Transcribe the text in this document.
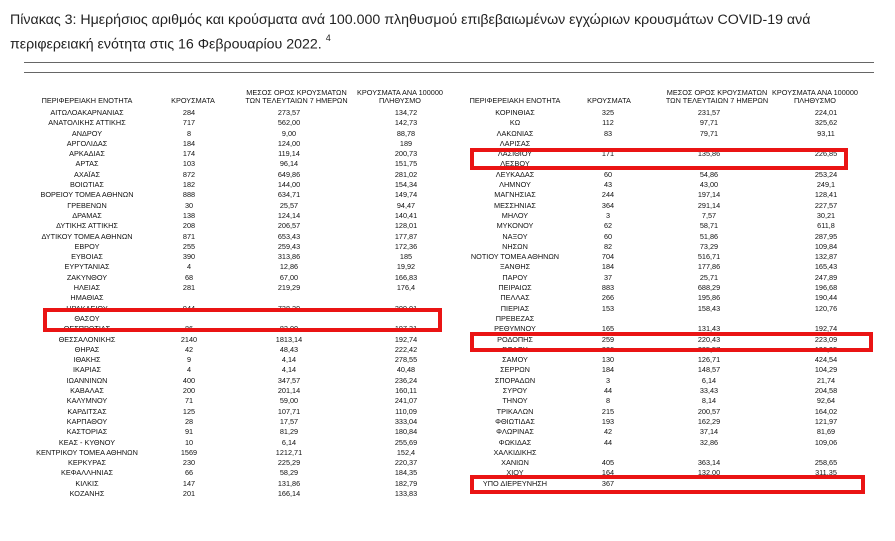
Πίνακας 3: Ημερήσιος αριθμός και κρούσματα ανά 100.000 πληθυσμού επιβεβαιωμένων εγχώριων κρουσμάτων COVID-19 ανά περιφερειακή ενότητα στις 16 Φεβρουαρίου 2022. $^4$
ΠΕΡΙΦΕΡΕΙΑΚΗ ΕΝΟΤΗΤΑ	ΚΡΟΥΣΜΑΤΑ
ΜΕΣΟΣ ΟΡΟΣ ΚΡΟΥΣΜΑΤΩΝ ΤΩΝ ΤΕΛΕΥΤΑΙΩΝ 7 ΗΜΕΡΩΝ
ΚΡΟΥΣΜΑΤΑ ΑΝΑ 100000 ΠΛΗΘΥΣΜΟ	ΠΕΡΙΦΕΡΕΙΑΚΗ ΕΝΟΤΗΤΑ	ΚΡΟΥΣΜΑΤΑ
ΜΕΣΟΣ ΟΡΟΣ ΚΡΟΥΣΜΑΤΩΝ ΤΩΝ ΤΕΛΕΥΤΑΙΩΝ 7 ΗΜΕΡΩΝ
ΚΡΟΥΣΜΑΤΑ ΑΝΑ 100000 ΠΛΗΘΥΣΜΟ
ΑΙΤΩΛΟΑΚΑΡΝΑΝΙΑΣ	284	273,57	134,72
ΑΝΑΤΟΛΙΚΗΣ ΑΤΤΙΚΗΣ	717	562,00	142,73
ΑΝΔΡΟΥ	8	9,00	88,78
ΑΡΓΟΛΙΔΑΣ	184	124,00	189
ΑΡΚΑΔΙΑΣ	174	119,14	200,73
ΑΡΤΑΣ	103	96,14	151,75
ΑΧΑΪΑΣ	872	649,86	281,02
ΒΟΙΩΤΙΑΣ	182	144,00	154,34
ΒΟΡΕΙΟΥ ΤΟΜΕΑ ΑΘΗΝΩΝ	888	634,71	149,74
ΓΡΕΒΕΝΩΝ	30	25,57	94,47
ΔΡΑΜΑΣ	138	124,14	140,41
ΔΥΤΙΚΗΣ ΑΤΤΙΚΗΣ	208	206,57	128,01
ΔΥΤΙΚΟΥ ΤΟΜΕΑ ΑΘΗΝΩΝ	871	653,43	177,87
ΕΒΡΟΥ	255	259,43	172,36
ΕΥΒΟΙΑΣ	390	313,86	185
ΕΥΡΥΤΑΝΙΑΣ	4	12,86	19,92
ΖΑΚΥΝΘΟΥ	68	67,00	166,83
ΗΛΕΙΑΣ	281	219,29	176,4
ΗΜΑΘΙΑΣ			
ΗΡΑΚΛΕΙΟΥ	944	738,29	309,01
ΘΑΣΟΥ			
ΘΕΣΠΡΩΤΙΑΣ	86	82,00	197,31
ΘΕΣΣΑΛΟΝΙΚΗΣ	2140	1813,14	192,74
ΘΗΡΑΣ	42	48,43	222,42
ΙΘΑΚΗΣ	9	4,14	278,55
ΙΚΑΡΙΑΣ	4	4,14	40,48
ΙΩΑΝΝΙΝΩΝ	400	347,57	236,24
ΚΑΒΑΛΑΣ	200	201,14	160,11
ΚΑΛΥΜΝΟΥ	71	59,00	241,07
ΚΑΡΔΙΤΣΑΣ	125	107,71	110,09
ΚΑΡΠΑΘΟΥ	28	17,57	333,04
ΚΑΣΤΟΡΙΑΣ	91	81,29	180,84
ΚΕΑΣ - ΚΥΘΝΟΥ	10	6,14	255,69
ΚΕΝΤΡΙΚΟΥ ΤΟΜΕΑ ΑΘΗΝΩΝ	1569	1212,71	152,4
ΚΕΡΚΥΡΑΣ	230	225,29	220,37
ΚΕΦΑΛΛΗΝΙΑΣ	66	58,29	184,35
ΚΙΛΚΙΣ	147	131,86	182,79
ΚΟΖΑΝΗΣ	201	166,14	133,83
ΚΟΡΙΝΘΙΑΣ	325	231,57	224,01
ΚΩ	112	97,71	325,62
ΛΑΚΩΝΙΑΣ	83	79,71	93,11
ΛΑΡΙΣΑΣ			
ΛΑΣΙΘΙΟΥ	171	135,86	226,85
ΛΕΣΒΟΥ			
ΛΕΥΚΑΔΑΣ	60	54,86	253,24
ΛΗΜΝΟΥ	43	43,00	249,1
ΜΑΓΝΗΣΙΑΣ	244	197,14	128,41
ΜΕΣΣΗΝΙΑΣ	364	291,14	227,57
ΜΗΛΟΥ	3	7,57	30,21
ΜΥΚΟΝΟΥ	62	58,71	611,8
ΝΑΞΟΥ	60	51,86	287,95
ΝΗΣΩΝ	82	73,29	109,84
ΝΟΤΙΟΥ ΤΟΜΕΑ ΑΘΗΝΩΝ	704	516,71	132,87
ΞΑΝΘΗΣ	184	177,86	165,43
ΠΑΡΟΥ	37	25,71	247,89
ΠΕΙΡΑΙΩΣ	883	688,29	196,68
ΠΕΛΛΑΣ	266	195,86	190,44
ΠΙΕΡΙΑΣ	153	158,43	120,76
ΠΡΕΒΕΖΑΣ			
ΡΕΘΥΜΝΟΥ	165	131,43	192,74
ΡΟΔΟΠΗΣ	259	220,43	223,09
ΡΟΔΟΥ	236	225,57	196,95
ΣΑΜΟΥ	130	126,71	424,54
ΣΕΡΡΩΝ	184	148,57	104,29
ΣΠΟΡΑΔΩΝ	3	6,14	21,74
ΣΥΡΟΥ	44	33,43	204,58
ΤΗΝΟΥ	8	8,14	92,64
ΤΡΙΚΑΛΩΝ	215	200,57	164,02
ΦΘΙΩΤΙΔΑΣ	193	162,29	121,97
ΦΛΩΡΙΝΑΣ	42	37,14	81,69
ΦΩΚΙΔΑΣ	44	32,86	109,06
ΧΑΛΚΙΔΙΚΗΣ			
ΧΑΝΙΩΝ	405	363,14	258,65
ΧΙΟΥ	164	132,00	311,35
ΥΠΟ ΔΙΕΡΕΥΝΗΣΗ	367		
